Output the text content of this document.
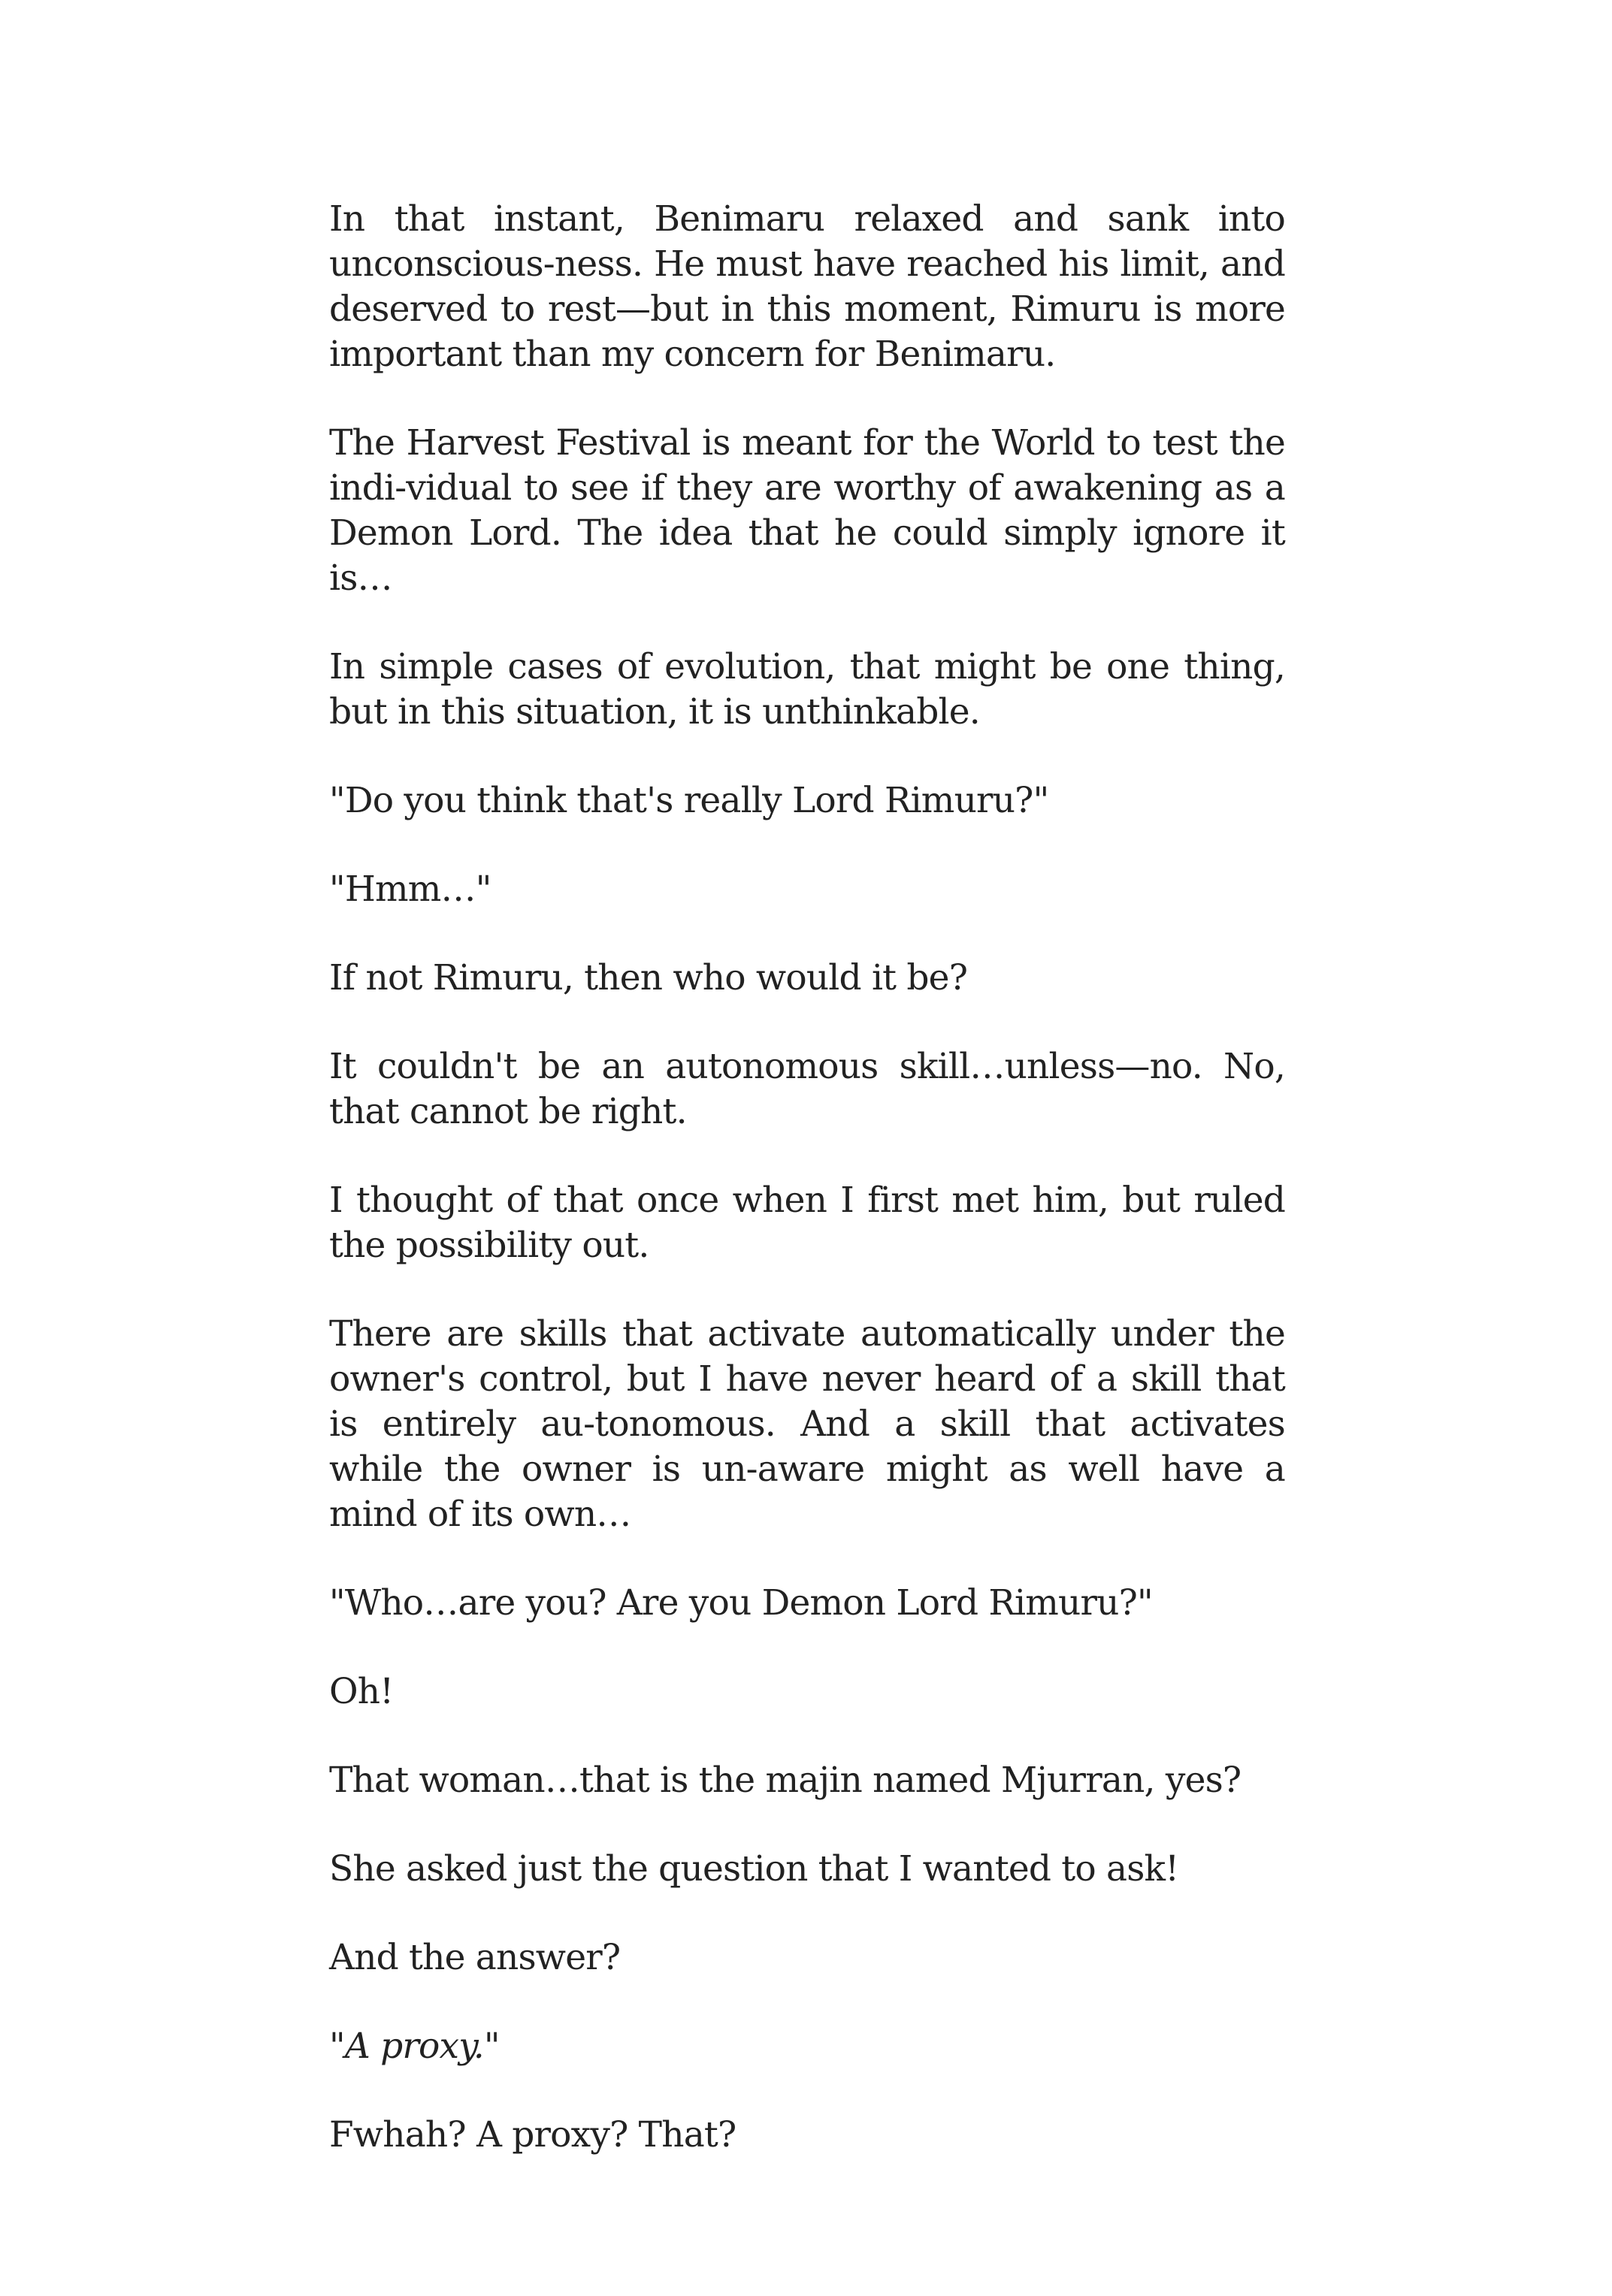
In that instant, Benimaru relaxed and sank into unconscious-ness. He must have reached his limit, and deserved to rest—but in this moment, Rimuru is more important than my concern for Benimaru.

The Harvest Festival is meant for the World to test the indi-vidual to see if they are worthy of awakening as a Demon Lord. The idea that he could simply ignore it is…

In simple cases of evolution, that might be one thing, but in this situation, it is unthinkable.

"Do you think that's really Lord Rimuru?"

"Hmm…"

If not Rimuru, then who would it be?

It couldn't be an autonomous skill…unless—no. No, that cannot be right.

I thought of that once when I first met him, but ruled the possibility out.

There are skills that activate automatically under the owner's control, but I have never heard of a skill that is entirely au-tonomous. And a skill that activates while the owner is un-aware might as well have a mind of its own…

"Who…are you? Are you Demon Lord Rimuru?"

Oh!

That woman…that is the majin named Mjurran, yes?

She asked just the question that I wanted to ask!

And the answer?

"A proxy."

Fwhah? A proxy? That?
